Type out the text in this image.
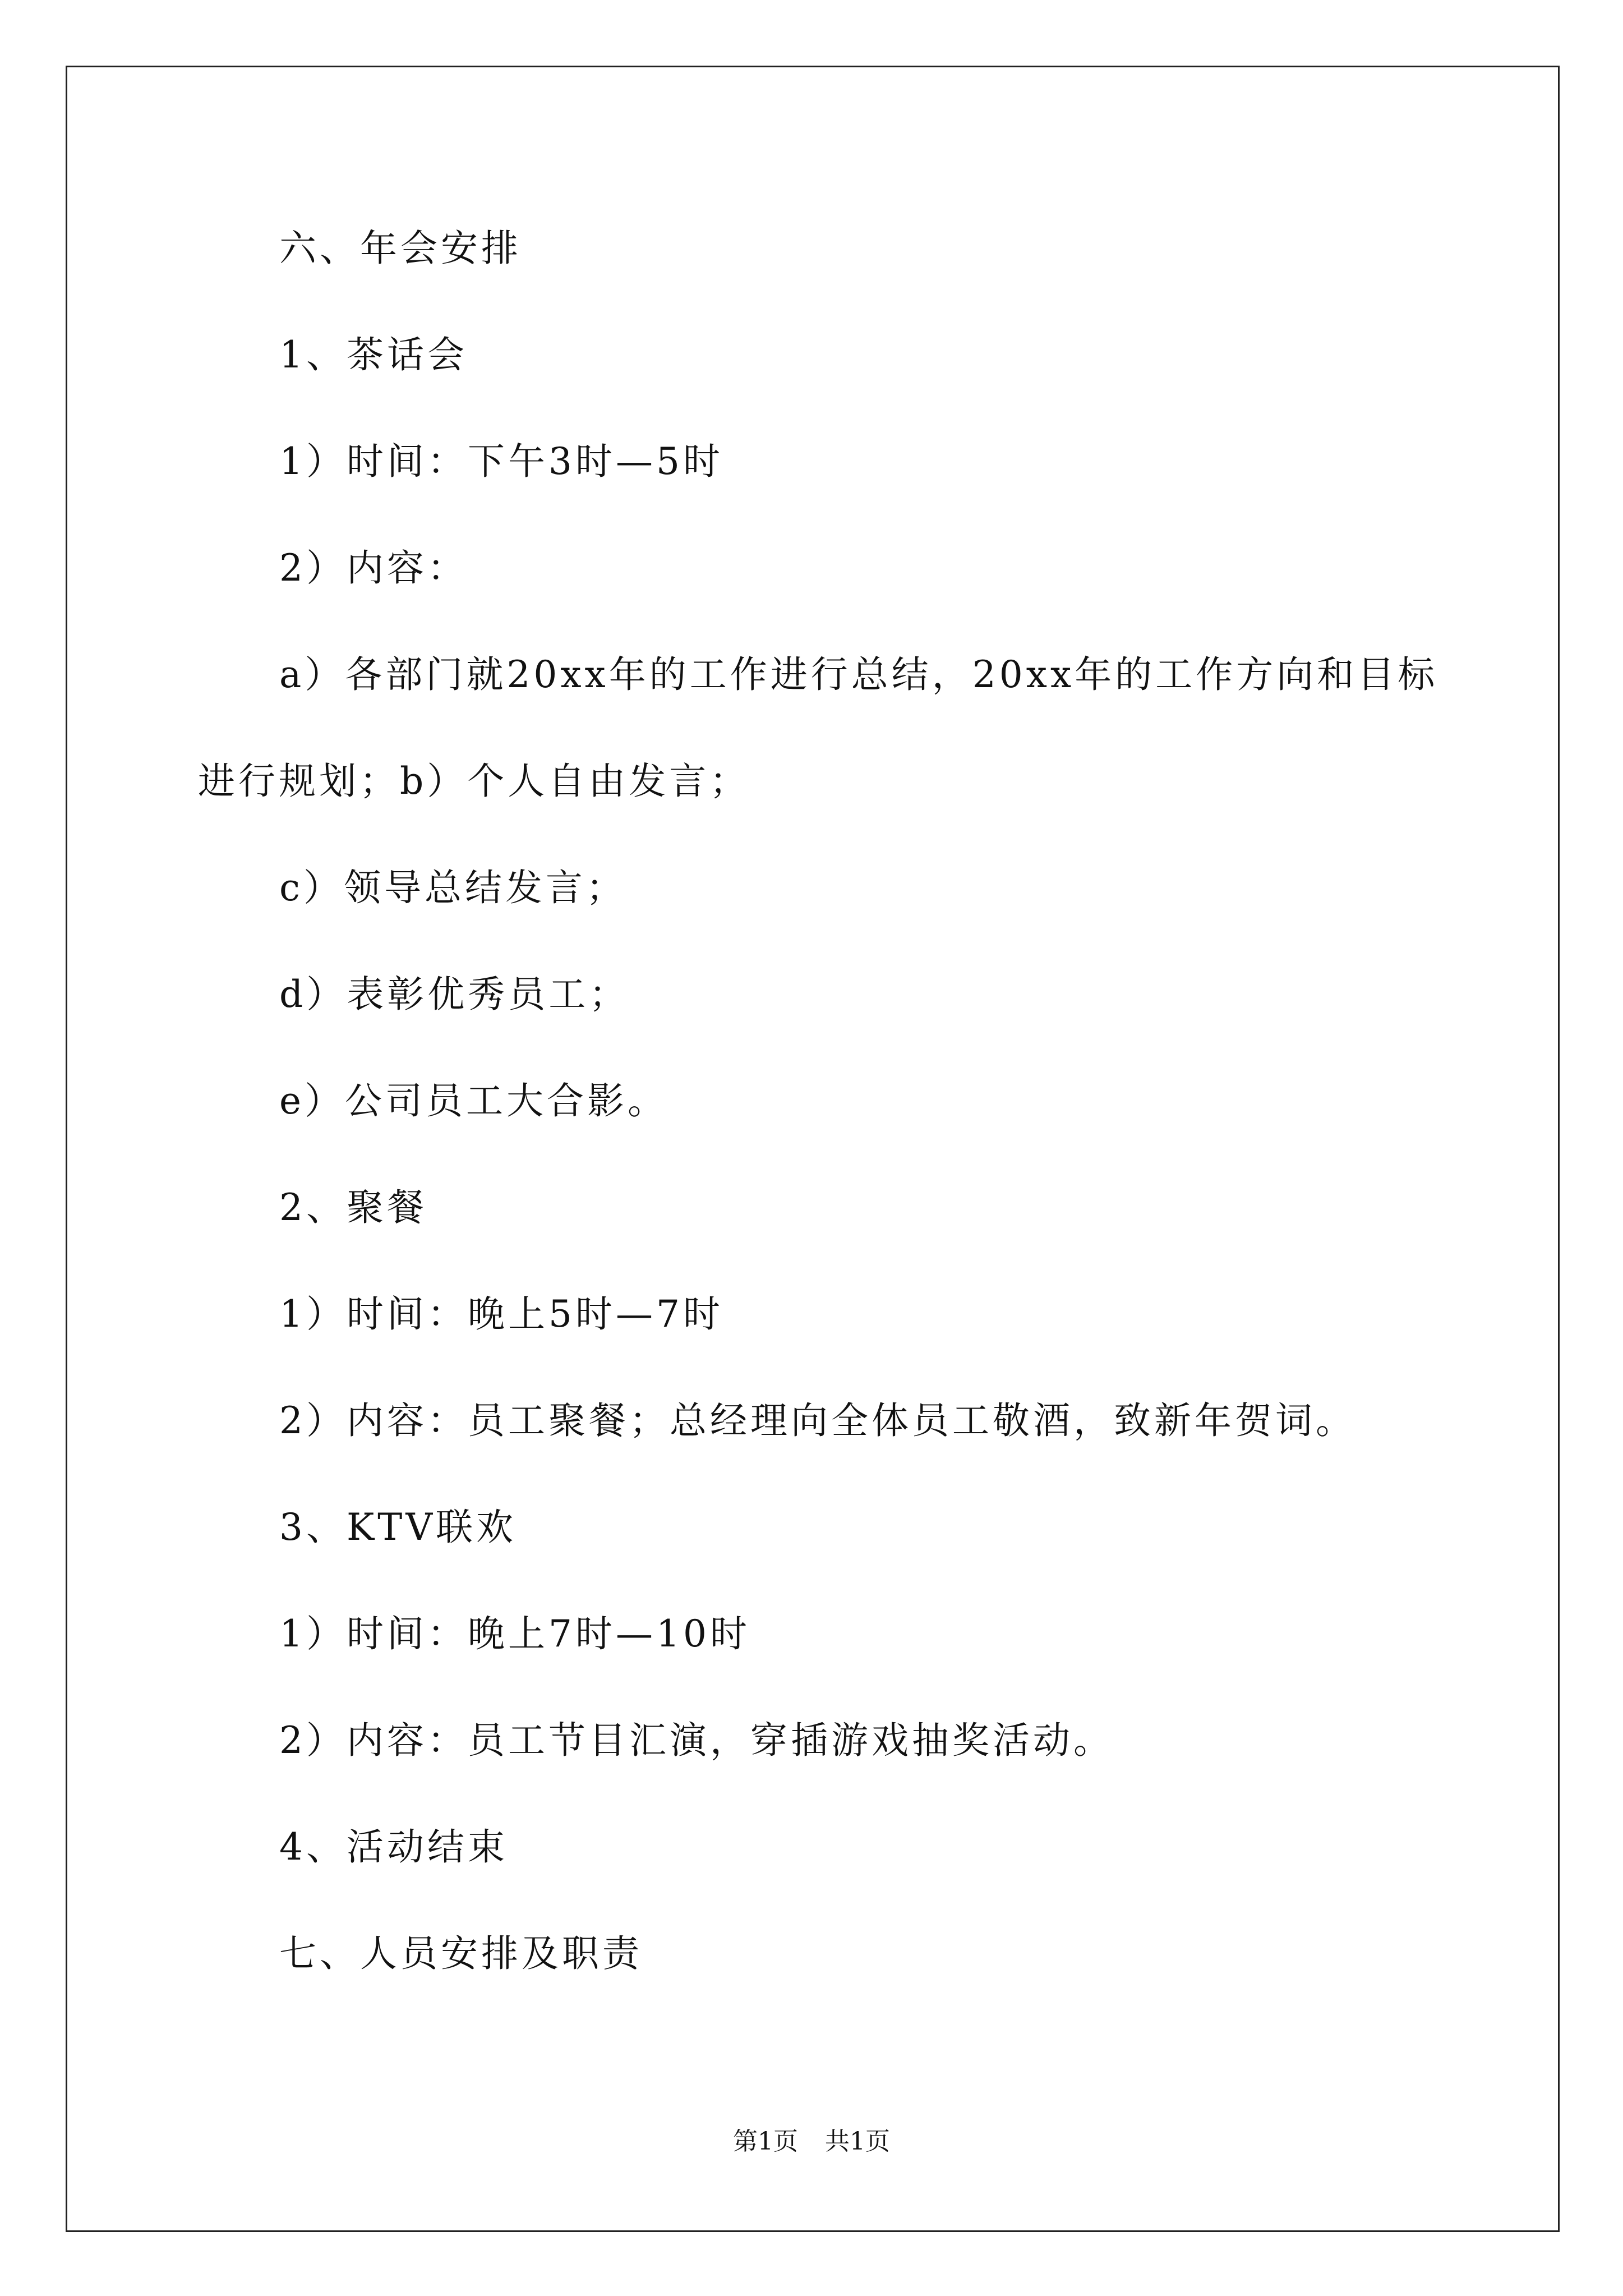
六、年会安排
1、茶话会
1）时间：下午3时—5时
2）内容：
a）各部门就20xx年的工作进行总结，20xx年的工作方向和目标
进行规划；b）个人自由发言；
c）领导总结发言；
d）表彰优秀员工；
e）公司员工大合影。
2、聚餐
1）时间：晚上5时—7时
2）内容：员工聚餐；总经理向全体员工敬酒，致新年贺词。
3、KTV联欢
1）时间：晚上7时—10时
2）内容：员工节目汇演，穿插游戏抽奖活动。
4、活动结束
七、人员安排及职责
第1页 共1页
